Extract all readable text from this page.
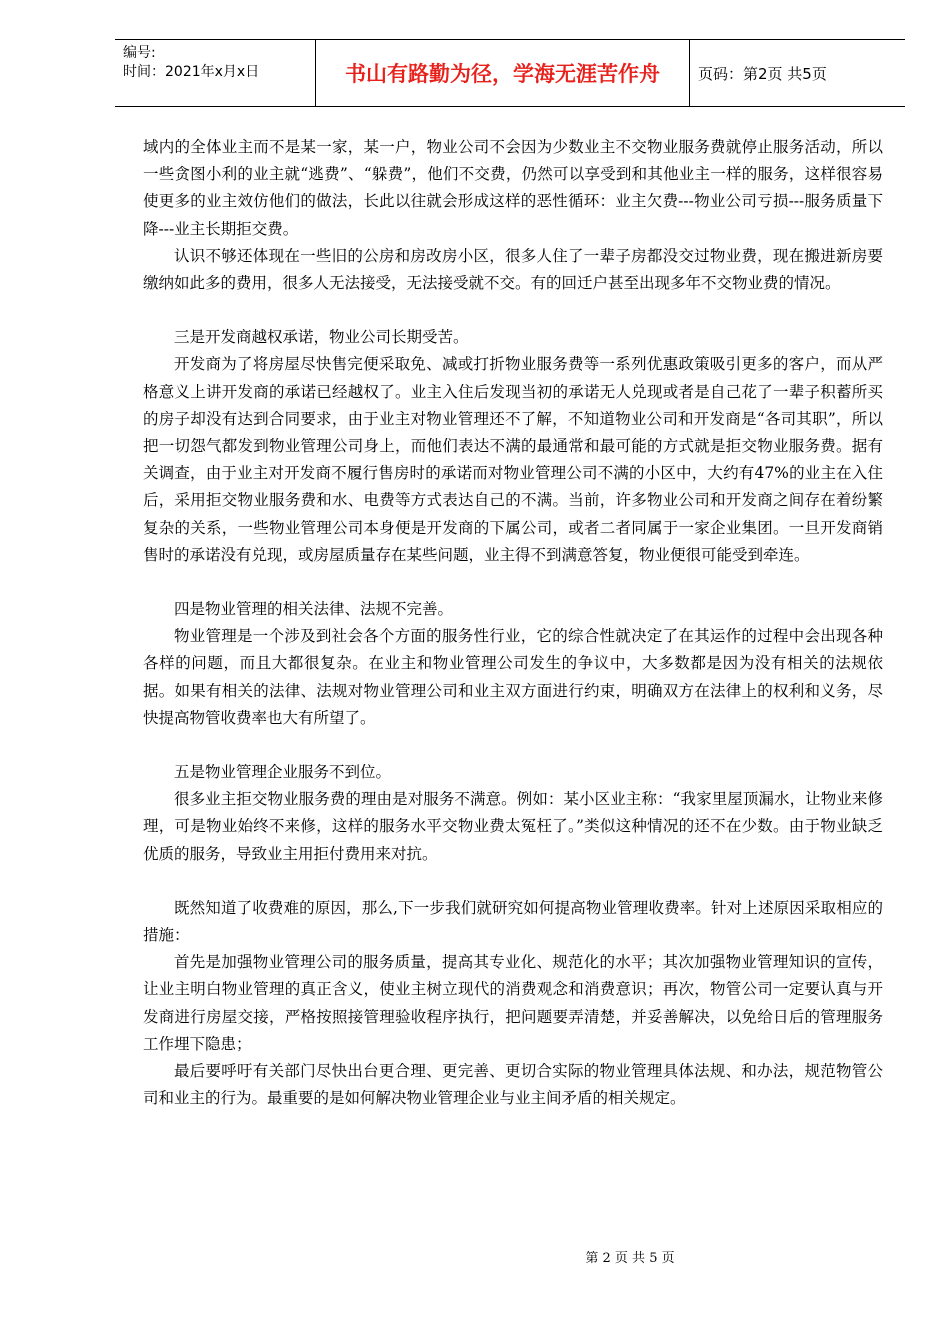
编号:
时间：2021年x月x日	书山有路勤为径，学海无涯苦作舟	页码：第2页 共5页

域内的全体业主而不是某一家，某一户，物业公司不会因为少数业主不交物业服务费就停止服务活动，所以一些贪图小利的业主就“逃费”、“躲费”，他们不交费，仍然可以享受到和其他业主一样的服务，这样很容易使更多的业主效仿他们的做法，长此以往就会形成这样的恶性循环：业主欠费---物业公司亏损---服务质量下降---业主长期拒交费。

认识不够还体现在一些旧的公房和房改房小区，很多人住了一辈子房都没交过物业费，现在搬进新房要缴纳如此多的费用，很多人无法接受，无法接受就不交。有的回迁户甚至出现多年不交物业费的情况。

三是开发商越权承诺，物业公司长期受苦。

开发商为了将房屋尽快售完便采取免、减或打折物业服务费等一系列优惠政策吸引更多的客户，而从严格意义上讲开发商的承诺已经越权了。业主入住后发现当初的承诺无人兑现或者是自己花了一辈子积蓄所买的房子却没有达到合同要求，由于业主对物业管理还不了解，不知道物业公司和开发商是“各司其职”，所以把一切怨气都发到物业管理公司身上，而他们表达不满的最通常和最可能的方式就是拒交物业服务费。据有关调查，由于业主对开发商不履行售房时的承诺而对物业管理公司不满的小区中，大约有47%的业主在入住后，采用拒交物业服务费和水、电费等方式表达自己的不满。当前，许多物业公司和开发商之间存在着纷繁复杂的关系，一些物业管理公司本身便是开发商的下属公司，或者二者同属于一家企业集团。一旦开发商销售时的承诺没有兑现，或房屋质量存在某些问题，业主得不到满意答复，物业便很可能受到牵连。

四是物业管理的相关法律、法规不完善。

物业管理是一个涉及到社会各个方面的服务性行业，它的综合性就决定了在其运作的过程中会出现各种各样的问题，而且大都很复杂。在业主和物业管理公司发生的争议中，大多数都是因为没有相关的法规依据。如果有相关的法律、法规对物业管理公司和业主双方面进行约束，明确双方在法律上的权利和义务，尽快提高物管收费率也大有所望了。

五是物业管理企业服务不到位。

很多业主拒交物业服务费的理由是对服务不满意。例如：某小区业主称：“我家里屋顶漏水，让物业来修理，可是物业始终不来修，这样的服务水平交物业费太冤枉了。”类似这种情况的还不在少数。由于物业缺乏优质的服务，导致业主用拒付费用来对抗。

既然知道了收费难的原因，那么,下一步我们就研究如何提高物业管理收费率。针对上述原因采取相应的措施：

首先是加强物业管理公司的服务质量，提高其专业化、规范化的水平；其次加强物业管理知识的宣传，让业主明白物业管理的真正含义，使业主树立现代的消费观念和消费意识；再次，物管公司一定要认真与开发商进行房屋交接，严格按照接管理验收程序执行，把问题要弄清楚，并妥善解决，以免给日后的管理服务工作埋下隐患；

最后要呼吁有关部门尽快出台更合理、更完善、更切合实际的物业管理具体法规、和办法，规范物管公司和业主的行为。最重要的是如何解决物业管理企业与业主间矛盾的相关规定。

第 2 页 共 5 页
